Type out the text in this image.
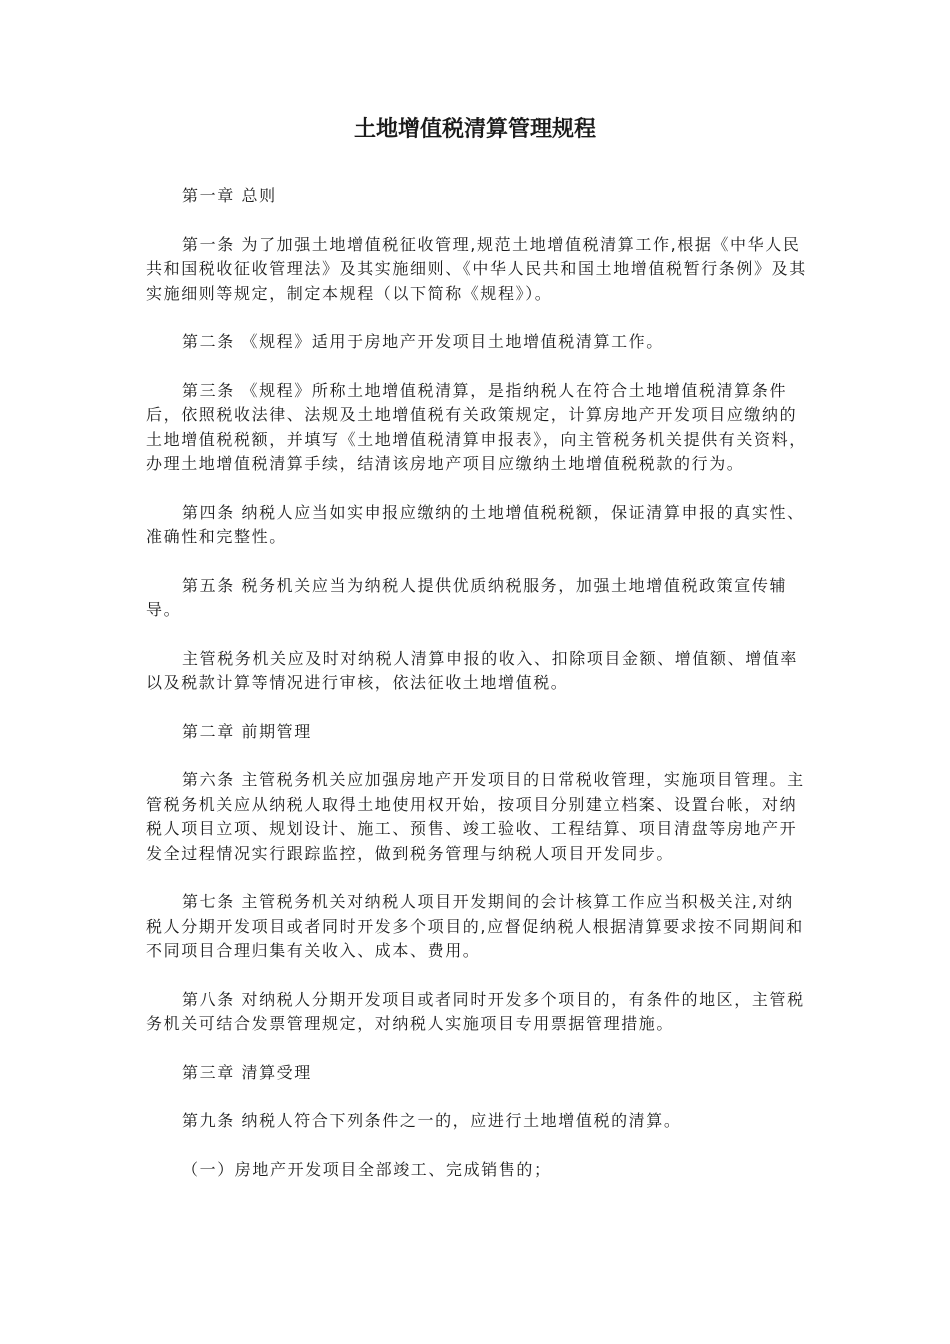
土地增值税清算管理规程

第一章 总则

第一条 为了加强土地增值税征收管理,规范土地增值税清算工作,根据《中华人民共和国税收征收管理法》及其实施细则、《中华人民共和国土地增值税暂行条例》及其实施细则等规定，制定本规程（以下简称《规程》）。

第二条 《规程》适用于房地产开发项目土地增值税清算工作。

第三条 《规程》所称土地增值税清算，是指纳税人在符合土地增值税清算条件后，依照税收法律、法规及土地增值税有关政策规定，计算房地产开发项目应缴纳的土地增值税税额，并填写《土地增值税清算申报表》，向主管税务机关提供有关资料，办理土地增值税清算手续，结清该房地产项目应缴纳土地增值税税款的行为。

第四条 纳税人应当如实申报应缴纳的土地增值税税额，保证清算申报的真实性、准确性和完整性。

第五条 税务机关应当为纳税人提供优质纳税服务，加强土地增值税政策宣传辅导。

主管税务机关应及时对纳税人清算申报的收入、扣除项目金额、增值额、增值率以及税款计算等情况进行审核，依法征收土地增值税。

第二章 前期管理

第六条 主管税务机关应加强房地产开发项目的日常税收管理，实施项目管理。主管税务机关应从纳税人取得土地使用权开始，按项目分别建立档案、设置台帐，对纳税人项目立项、规划设计、施工、预售、竣工验收、工程结算、项目清盘等房地产开发全过程情况实行跟踪监控，做到税务管理与纳税人项目开发同步。

第七条 主管税务机关对纳税人项目开发期间的会计核算工作应当积极关注,对纳税人分期开发项目或者同时开发多个项目的,应督促纳税人根据清算要求按不同期间和不同项目合理归集有关收入、成本、费用。

第八条 对纳税人分期开发项目或者同时开发多个项目的，有条件的地区，主管税务机关可结合发票管理规定，对纳税人实施项目专用票据管理措施。

第三章 清算受理

第九条 纳税人符合下列条件之一的，应进行土地增值税的清算。

（一）房地产开发项目全部竣工、完成销售的；
